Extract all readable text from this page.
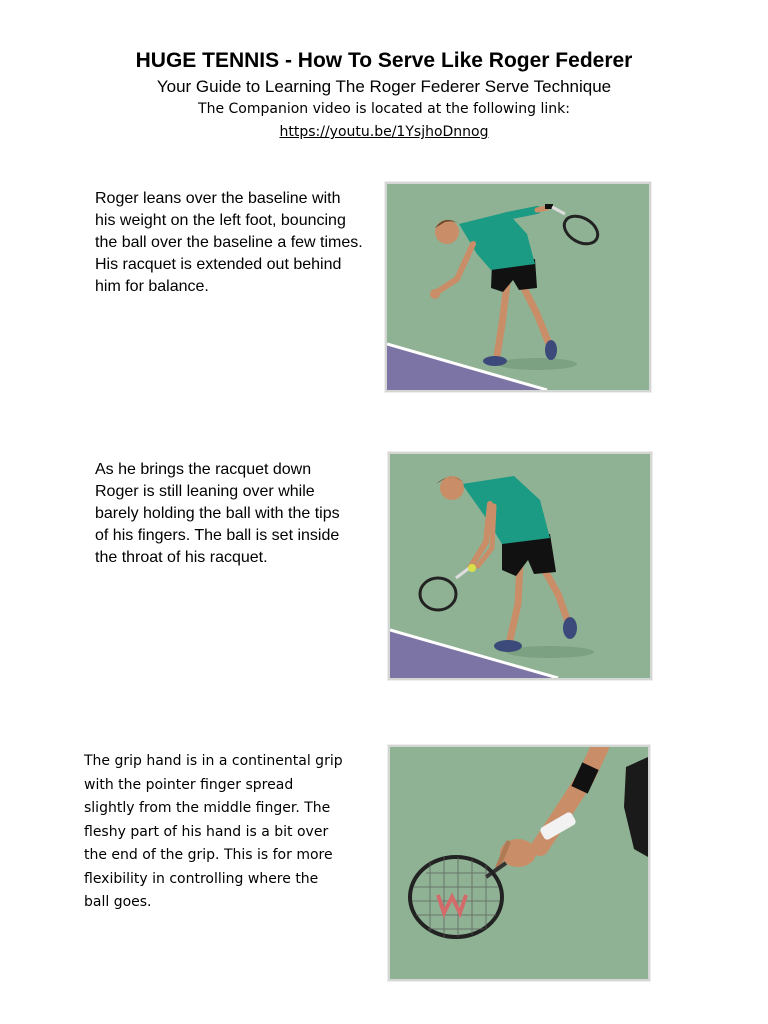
HUGE TENNIS - How To Serve Like Roger Federer
Your Guide to Learning The Roger Federer Serve Technique
The Companion video is located at the following link:
https://youtu.be/1YsjhoDnnog
Roger leans over the baseline with his weight on the left foot, bouncing the ball over the baseline a few times. His racquet is extended out behind him for balance.
As he brings the racquet down Roger is still leaning over while barely holding the ball with the tips of his fingers. The ball is set inside the throat of his racquet.
The grip hand is in a continental grip with the pointer finger spread slightly from the middle finger. The fleshy part of his hand is a bit over the end of the grip. This is for more flexibility in controlling where the ball goes.
